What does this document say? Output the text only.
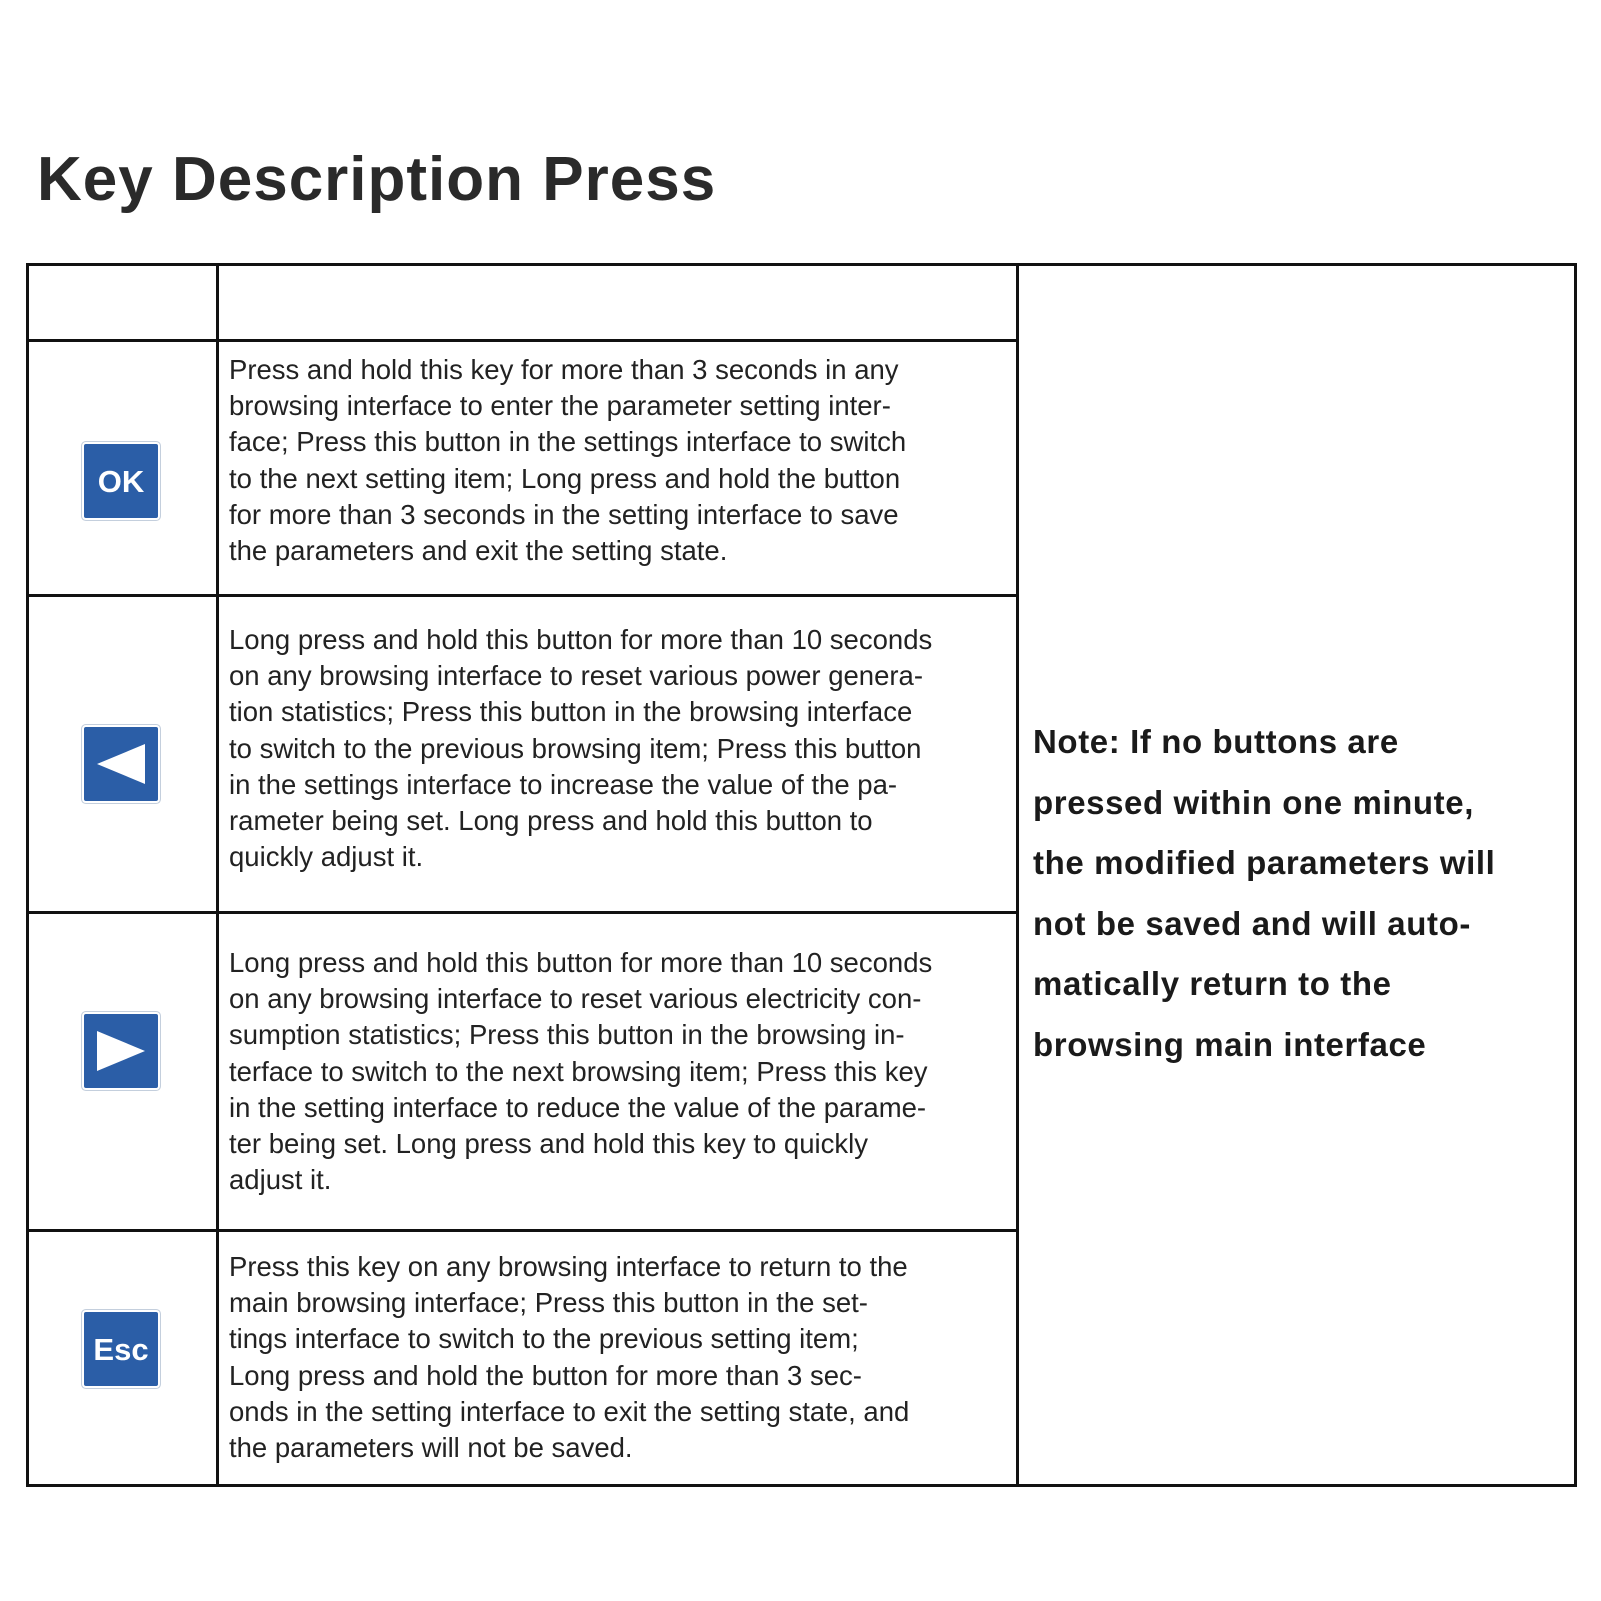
Key Description Press
OK

Press and hold this key for more than 3 seconds in any
browsing interface to enter the parameter setting inter-
face; Press this button in the settings interface to switch
to the next setting item; Long press and hold the button
for more than 3 seconds in the setting interface to save
the parameters and exit the setting state.

Long press and hold this button for more than 10 seconds
on any browsing interface to reset various power genera-
tion statistics; Press this button in the browsing interface
to switch to the previous browsing item; Press this button
in the settings interface to increase the value of the pa-
rameter being set. Long press and hold this button to
quickly adjust it.

Long press and hold this button for more than 10 seconds
on any browsing interface to reset various electricity con-
sumption statistics; Press this button in the browsing in-
terface to switch to the next browsing item; Press this key
in the setting interface to reduce the value of the parame-
ter being set. Long press and hold this key to quickly
adjust it.

Esc

Press this key on any browsing interface to return to the
main browsing interface; Press this button in the set-
tings interface to switch to the previous setting item;
Long press and hold the button for more than 3 sec-
onds in the setting interface to exit the setting state, and
the parameters will not be saved.

Note: If no buttons are
pressed within one minute,
the modified parameters will
not be saved and will auto-
matically return to the
browsing main interface
